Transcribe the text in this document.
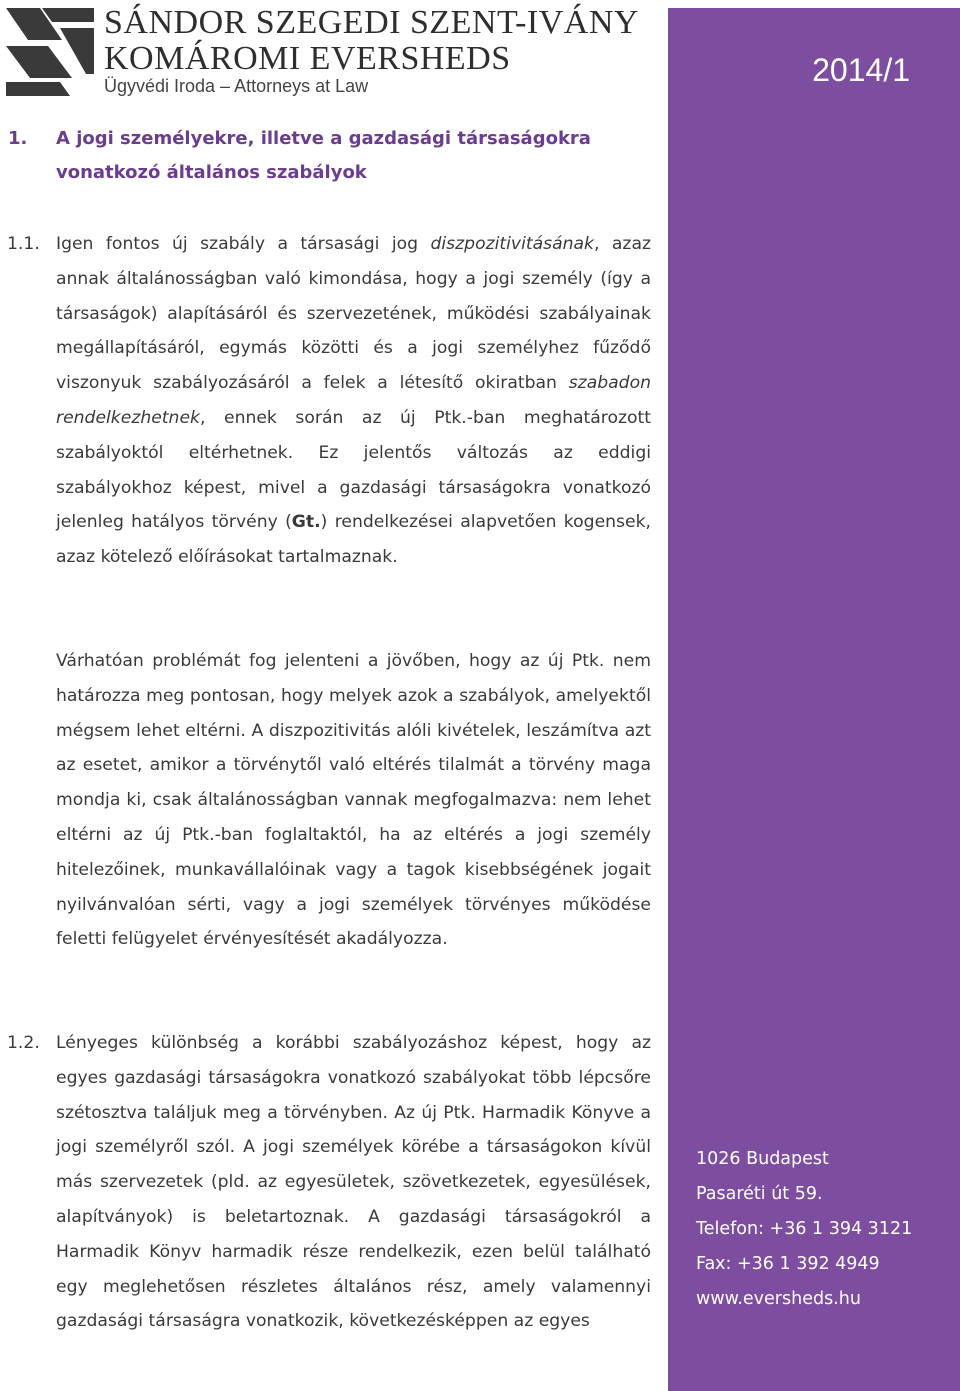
SÁNDOR SZEGEDI SZENT-IVÁNY
KOMÁROMI EVERSHEDS
Ügyvédi Iroda – Attorneys at Law	2014/1
1026 Budapest
Pasaréti út 59.
Telefon: +36 1 394 3121
Fax: +36 1 392 4949
www.eversheds.hu
1. A jogi személyekre, illetve a gazdasági társaságokra vonatkozó általános szabályok
1.1. Igen fontos új szabály a társasági jog diszpozitivitásának, azaz annak általánosságban való kimondása, hogy a jogi személy (így a társaságok) alapításáról és szervezetének, működési szabályainak megállapításáról, egymás közötti és a jogi személyhez fűződő viszonyuk szabályozásáról a felek a létesítő okiratban szabadon rendelkezhetnek, ennek során az új Ptk.-ban meghatározott szabályoktól eltérhetnek. Ez jelentős változás az eddigi szabályokhoz képest, mivel a gazdasági társaságokra vonatkozó jelenleg hatályos törvény (Gt.) rendelkezései alapvetően kogensek, azaz kötelező előírásokat tartalmaznak.
Várhatóan problémát fog jelenteni a jövőben, hogy az új Ptk. nem határozza meg pontosan, hogy melyek azok a szabályok, amelyektől mégsem lehet eltérni. A diszpozitivitás alóli kivételek, leszámítva azt az esetet, amikor a törvénytől való eltérés tilalmát a törvény maga mondja ki, csak általánosságban vannak megfogalmazva: nem lehet eltérni az új Ptk.-ban foglaltaktól, ha az eltérés a jogi személy hitelezőinek, munkavállalóinak vagy a tagok kisebbségének jogait nyilvánvalóan sérti, vagy a jogi személyek törvényes működése feletti felügyelet érvényesítését akadályozza.
1.2. Lényeges különbség a korábbi szabályozáshoz képest, hogy az egyes gazdasági társaságokra vonatkozó szabályokat több lépcsőre szétosztva találjuk meg a törvényben. Az új Ptk. Harmadik Könyve a jogi személyről szól. A jogi személyek körébe a társaságokon kívül más szervezetek (pld. az egyesületek, szövetkezetek, egyesülések, alapítványok) is beletartoznak. A gazdasági társaságokról a Harmadik Könyv harmadik része rendelkezik, ezen belül található egy meglehetősen részletes általános rész, amely valamennyi gazdasági társaságra vonatkozik, következésképpen az egyes
